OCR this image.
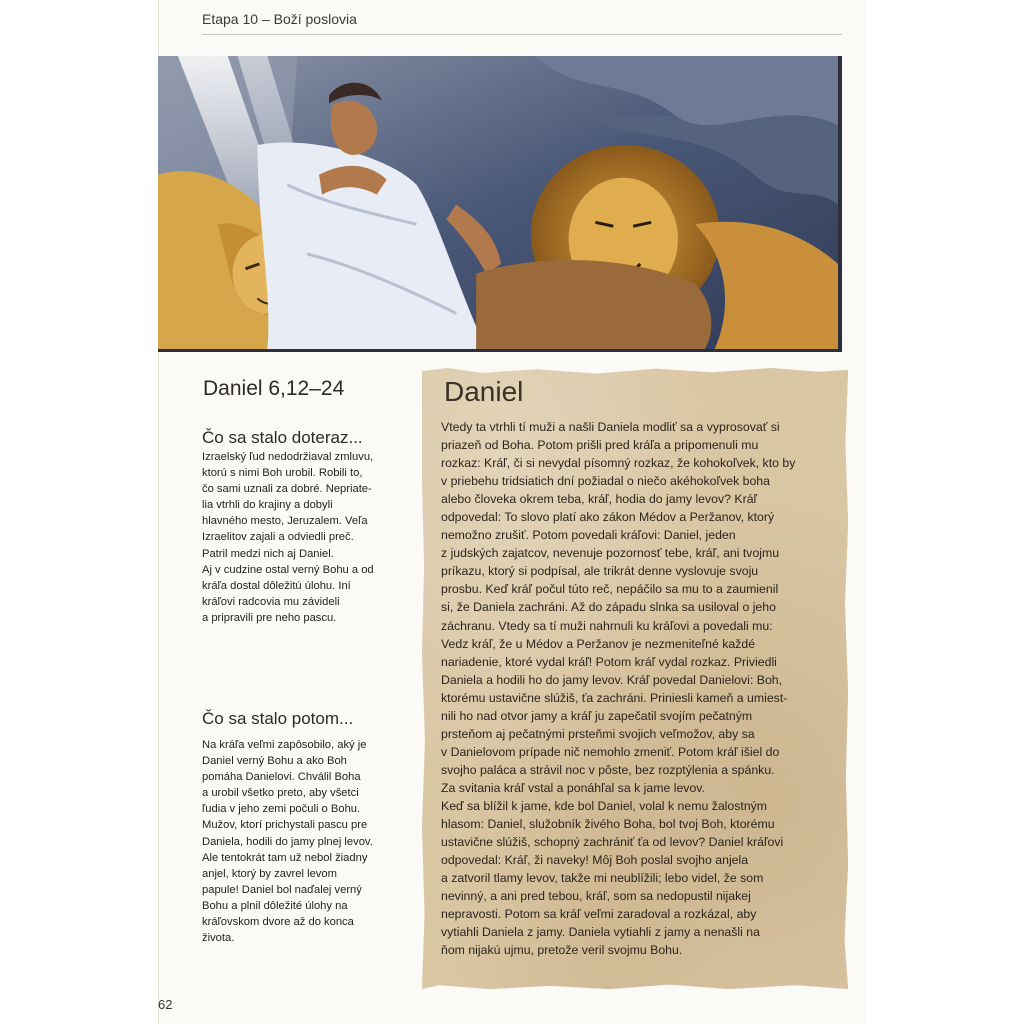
Etapa 10 – Boží poslovia
Daniel 6,12–24
Čo sa stalo doteraz...
Izraelský ľud nedodržiaval zmluvu,
ktorú s nimi Boh urobil. Robili to,
čo sami uznali za dobré. Nepriate-
lia vtrhli do krajiny a dobyli
hlavného mesto, Jeruzalem. Veľa
Izraelitov zajali a odviedli preč.
Patril medzi nich aj Daniel.
Aj v cudzine ostal verný Bohu a od
kráľa dostal dôležitú úlohu. Iní
kráľovi radcovia mu závideli
a pripravili pre neho pascu.
Čo sa stalo potom...
Na kráľa veľmi zapôsobilo, aký je
Daniel verný Bohu a ako Boh
pomáha Danielovi. Chválil Boha
a urobil všetko preto, aby všetci
ľudia v jeho zemi počuli o Bohu.
Mužov, ktorí prichystali pascu pre
Daniela, hodili do jamy plnej levov.
Ale tentokrát tam už nebol žiadny
anjel, ktorý by zavrel levom
papule! Daniel bol naďalej verný
Bohu a plnil dôležité úlohy na
kráľovskom dvore až do konca
života.
Daniel
Vtedy ta vtrhli tí muži a našli Daniela modliť sa a vyprosovať si
priazeň od Boha. Potom prišli pred kráľa a pripomenuli mu
rozkaz: Kráľ, či si nevydal písomný rozkaz, že kohokoľvek, kto by
v priebehu tridsiatich dní požiadal o niečo akéhokoľvek boha
alebo človeka okrem teba, kráľ, hodia do jamy levov? Kráľ
odpovedal: To slovo platí ako zákon Médov a Peržanov, ktorý
nemožno zrušiť. Potom povedali kráľovi: Daniel, jeden
z judských zajatcov, nevenuje pozornosť tebe, kráľ, ani tvojmu
príkazu, ktorý si podpísal, ale trikrát denne vyslovuje svoju
prosbu. Keď kráľ počul túto reč, nepáčilo sa mu to a zaumienil
si, že Daniela zachráni. Až do západu slnka sa usiloval o jeho
záchranu. Vtedy sa tí muži nahrnuli ku kráľovi a povedali mu:
Vedz kráľ, že u Médov a Peržanov je nezmeniteľné každé
nariadenie, ktoré vydal kráľ! Potom kráľ vydal rozkaz. Priviedli
Daniela a hodili ho do jamy levov. Kráľ povedal Danielovi: Boh,
ktorému ustavične slúžiš, ťa zachráni. Priniesli kameň a umiest-
nili ho nad otvor jamy a kráľ ju zapečatil svojím pečatným
prsteňom aj pečatnými prsteňmi svojich veľmožov, aby sa
v Danielovom prípade nič nemohlo zmeniť. Potom kráľ išiel do
svojho paláca a strávil noc v pôste, bez rozptýlenia a spánku.
Za svitania kráľ vstal a ponáhľal sa k jame levov.
Keď sa blížil k jame, kde bol Daniel, volal k nemu žalostným
hlasom: Daniel, služobník živého Boha, bol tvoj Boh, ktorému
ustavične slúžiš, schopný zachrániť ťa od levov? Daniel kráľovi
odpovedal: Kráľ, ži naveky! Môj Boh poslal svojho anjela
a zatvoril tlamy levov, takže mi neublížili; lebo videl, že som
nevinný, a ani pred tebou, kráľ, som sa nedopustil nijakej
nepravosti. Potom sa kráľ veľmi zaradoval a rozkázal, aby
vytiahli Daniela z jamy. Daniela vytiahli z jamy a nenašli na
ňom nijakú ujmu, pretože veril svojmu Bohu.
62
